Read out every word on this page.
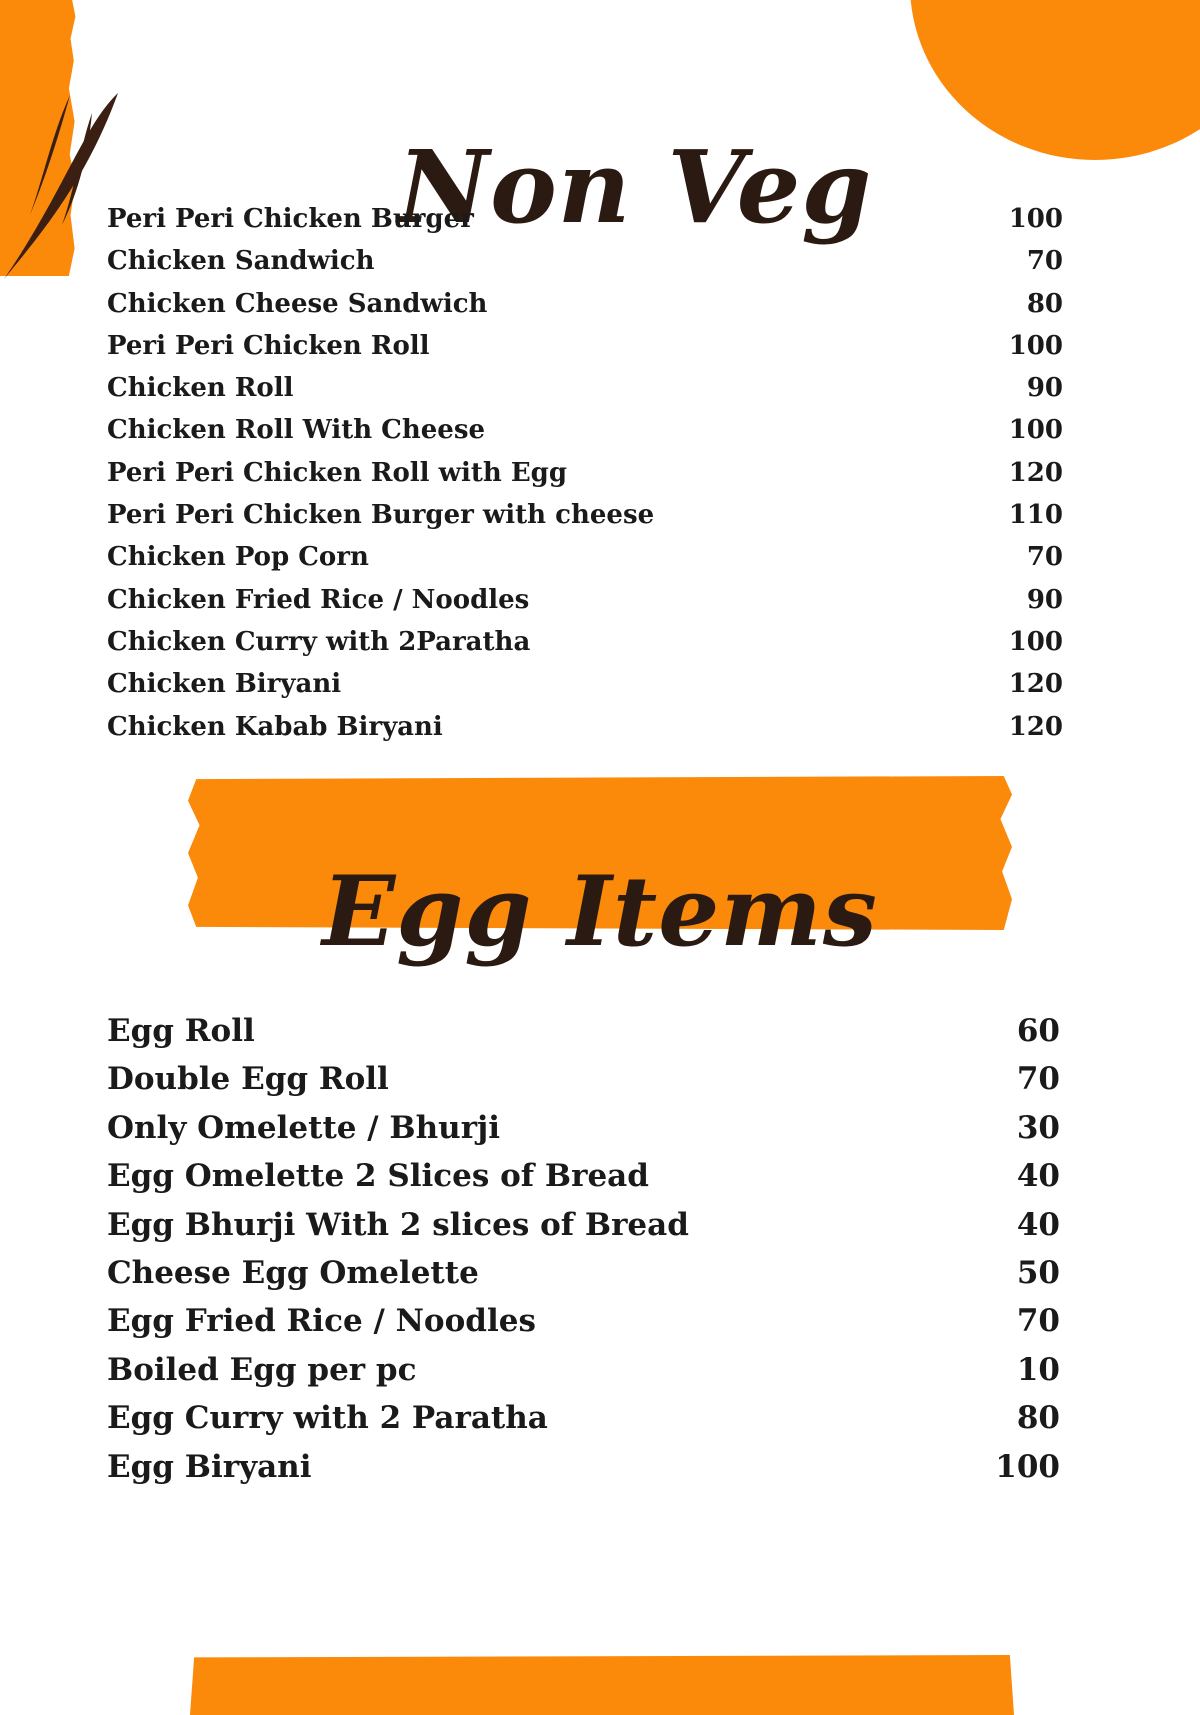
Non Veg
Peri Peri Chicken Burger	100
Chicken Sandwich	70
Chicken Cheese Sandwich	80
Peri Peri Chicken Roll	100
Chicken Roll	90
Chicken Roll With Cheese	100
Peri Peri Chicken Roll with Egg	120
Peri Peri Chicken Burger with cheese	110
Chicken Pop Corn	70
Chicken Fried Rice / Noodles	90
Chicken Curry with 2Paratha	100
Chicken Biryani	120
Chicken Kabab Biryani	120
Egg Items
Egg Roll	60
Double Egg Roll	70
Only Omelette / Bhurji	30
Egg Omelette 2 Slices of Bread	40
Egg Bhurji With 2 slices of Bread	40
Cheese Egg Omelette	50
Egg Fried Rice / Noodles	70
Boiled Egg per pc	10
Egg Curry with 2 Paratha	80
Egg Biryani	100
